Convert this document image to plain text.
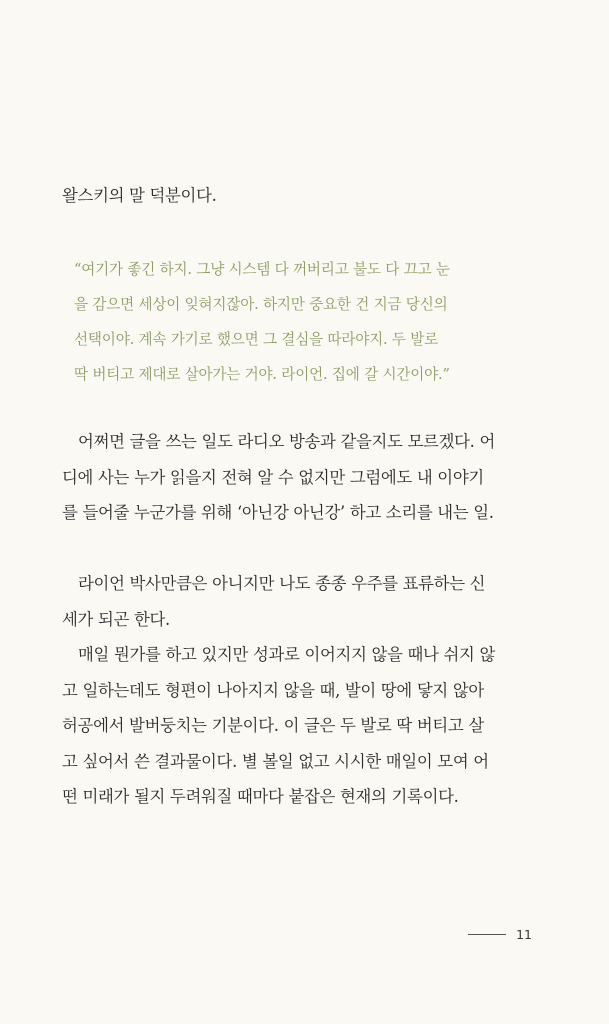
왈스키의 말 덕분이다.

“여기가 좋긴 하지. 그냥 시스템 다 꺼버리고 불도 다 끄고 눈
을 감으면 세상이 잊혀지잖아. 하지만 중요한 건 지금 당신의
선택이야. 계속 가기로 했으면 그 결심을 따라야지. 두 발로
딱 버티고 제대로 살아가는 거야. 라이언. 집에 갈 시간이야.”

어쩌면 글을 쓰는 일도 라디오 방송과 같을지도 모르겠다. 어
디에 사는 누가 읽을지 전혀 알 수 없지만 그럼에도 내 이야기
를 들어줄 누군가를 위해 ‘아닌강 아닌강’ 하고 소리를 내는 일.

라이언 박사만큼은 아니지만 나도 종종 우주를 표류하는 신
세가 되곤 한다.
매일 뭔가를 하고 있지만 성과로 이어지지 않을 때나 쉬지 않
고 일하는데도 형편이 나아지지 않을 때, 발이 땅에 닿지 않아
허공에서 발버둥치는 기분이다. 이 글은 두 발로 딱 버티고 살
고 싶어서 쓴 결과물이다. 별 볼일 없고 시시한 매일이 모여 어
떤 미래가 될지 두려워질 때마다 붙잡은 현재의 기록이다.

11
